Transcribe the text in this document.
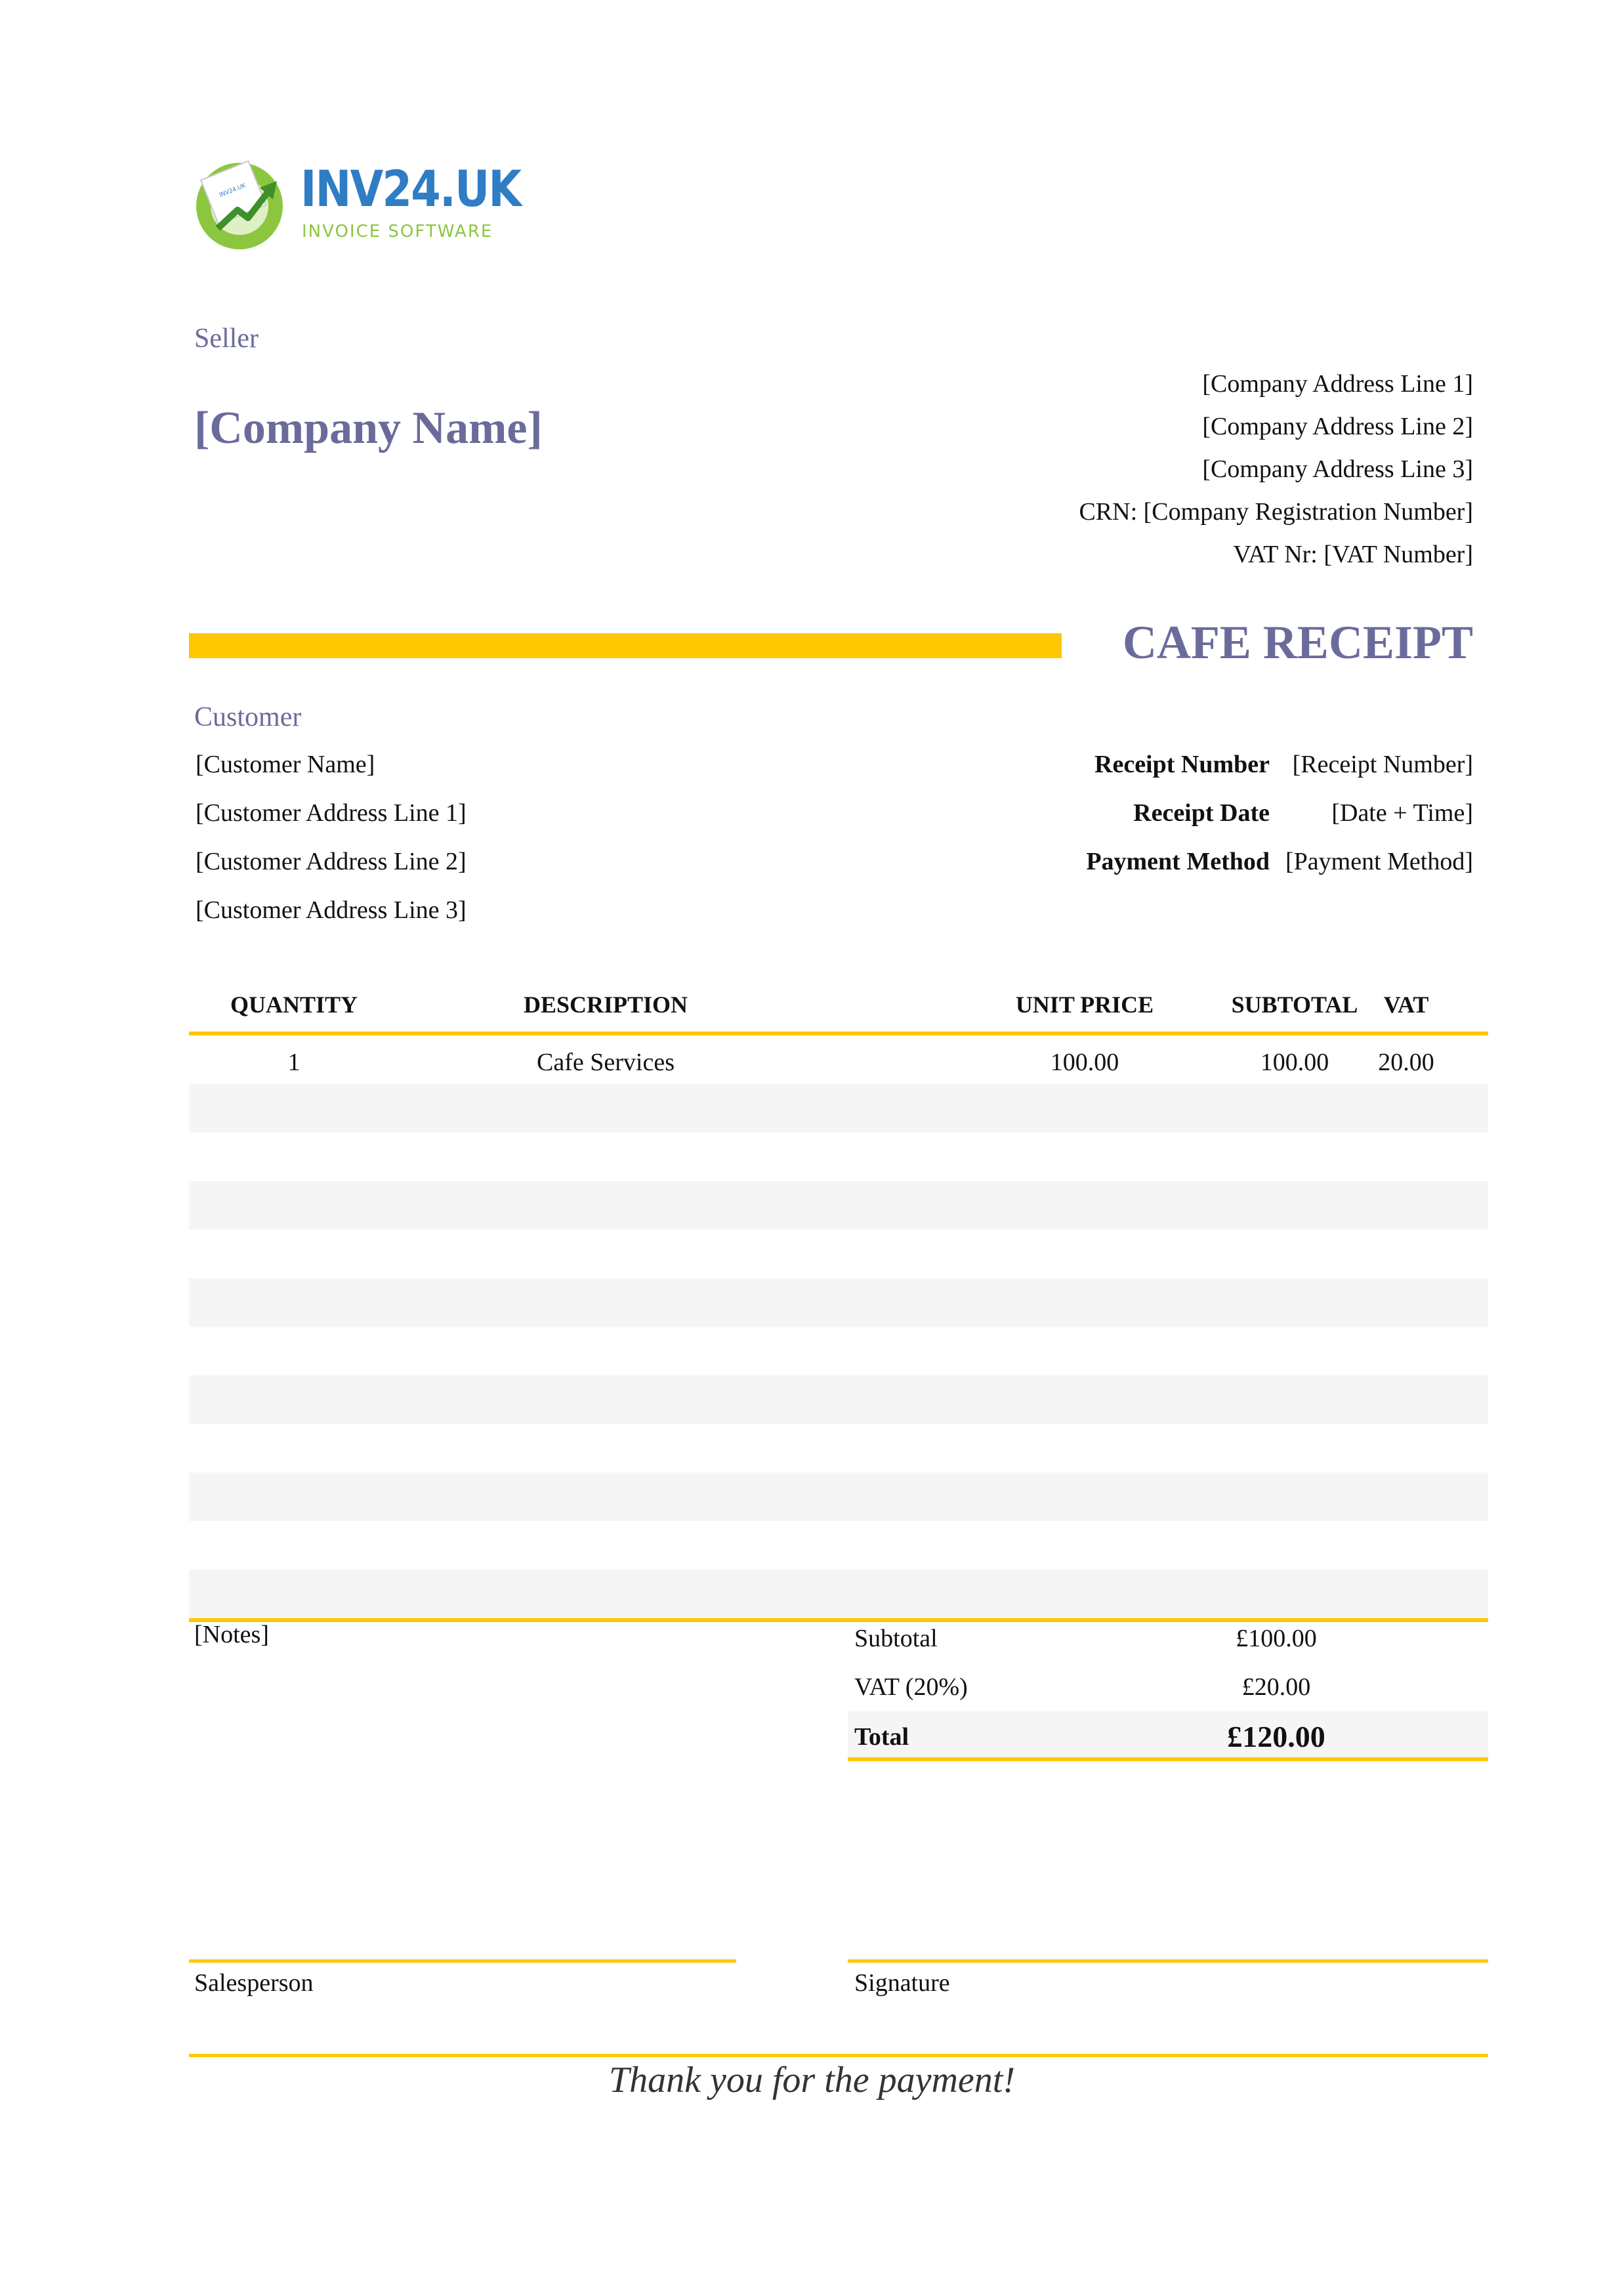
INV24.UK INV24.UK
INVOICE SOFTWARE
Seller
[Company Name]
[Company Address Line 1]
[Company Address Line 2]
[Company Address Line 3]
CRN: [Company Registration Number]
VAT Nr: [VAT Number]
CAFE RECEIPT
Customer
[Customer Name]
[Customer Address Line 1]
[Customer Address Line 2]
[Customer Address Line 3]
Receipt Number [Receipt Number]
Receipt Date [Date + Time]
Payment Method [Payment Method]
QUANTITY	DESCRIPTION	UNIT PRICE	SUBTOTAL	VAT
1	Cafe Services	100.00	100.00	20.00
[Notes]	Subtotal	£100.00
VAT (20%)	£20.00
Total	£120.00
Salesperson	Signature
Thank you for the payment!
